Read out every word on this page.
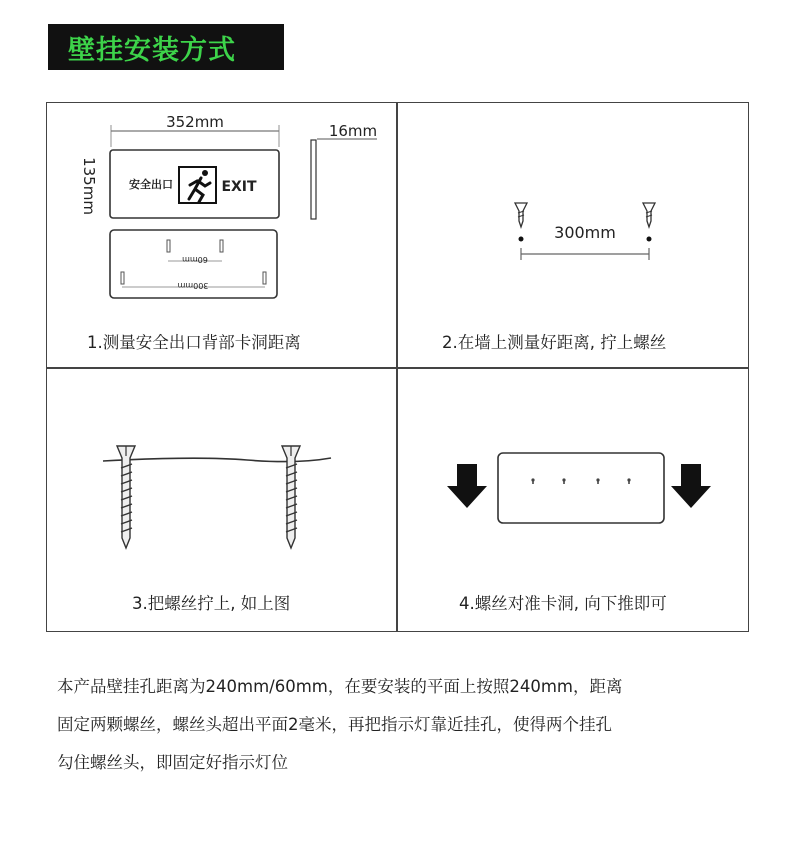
壁挂安装方式
352mm
135mm	安全出口	EXIT
16mm
60mm
300mm
1.测量安全出口背部卡洞距离
300mm
2.在墙上测量好距离, 拧上螺丝
3.把螺丝拧上, 如上图	4.螺丝对准卡洞, 向下推即可
本产品壁挂孔距离为240mm/60mm，在要安装的平面上按照240mm，距离
固定两颗螺丝，螺丝头超出平面2毫米，再把指示灯靠近挂孔，使得两个挂孔
勾住螺丝头，即固定好指示灯位
